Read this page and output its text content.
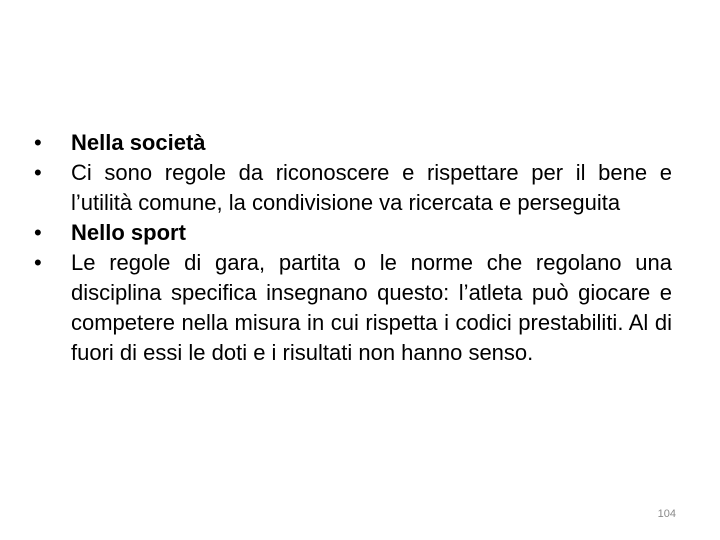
• Nella società
• Ci sono regole da riconoscere e rispettare per il bene e l’utilità comune, la condivisione va ricercata e perseguita
• Nello sport
• Le regole di gara, partita o le norme che regolano una disciplina specifica insegnano questo: l’atleta può giocare e competere nella misura in cui rispetta i codici prestabiliti. Al di fuori di essi le doti e i risultati non hanno senso.
104
